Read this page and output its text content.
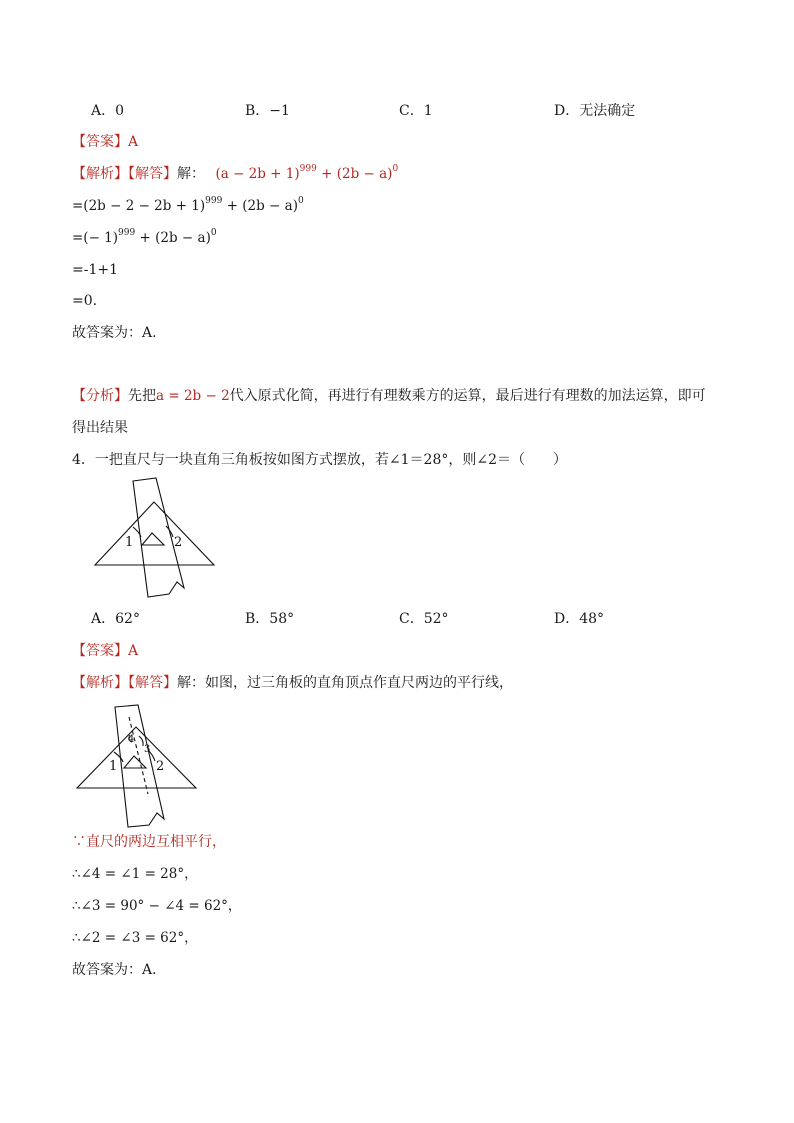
A．0	B．−1	C．1	D．无法确定
【答案】A
【解析】【解答】解： $(a - 2b + 1)^{999} + (2b - a)^0$
$=(2b - 2 - 2b + 1)^{999} + (2b - a)^0$
=(− $1)^{999} + (2b - a)^0$
=-1+1
=0.
故答案为：A.
【分析】先把a = 2b − 2代入原式化简，再进行有理数乘方的运算，最后进行有理数的加法运算，即可
得出结果
4．一把直尺与一块直角三角板按如图方式摆放，若∠1＝28°，则∠2＝（　　）
1	2
A．62°	B．58°	C．52°	D．48°
【答案】A
【解析】【解答】解：如图，过三角板的直角顶点作直尺两边的平行线，
1	2
3
4
∵直尺的两边互相平行，
∴∠4 = ∠1 = 28°，
∴∠3 = 90° − ∠4 = 62°，
∴∠2 = ∠3 = 62°，
故答案为：A．
